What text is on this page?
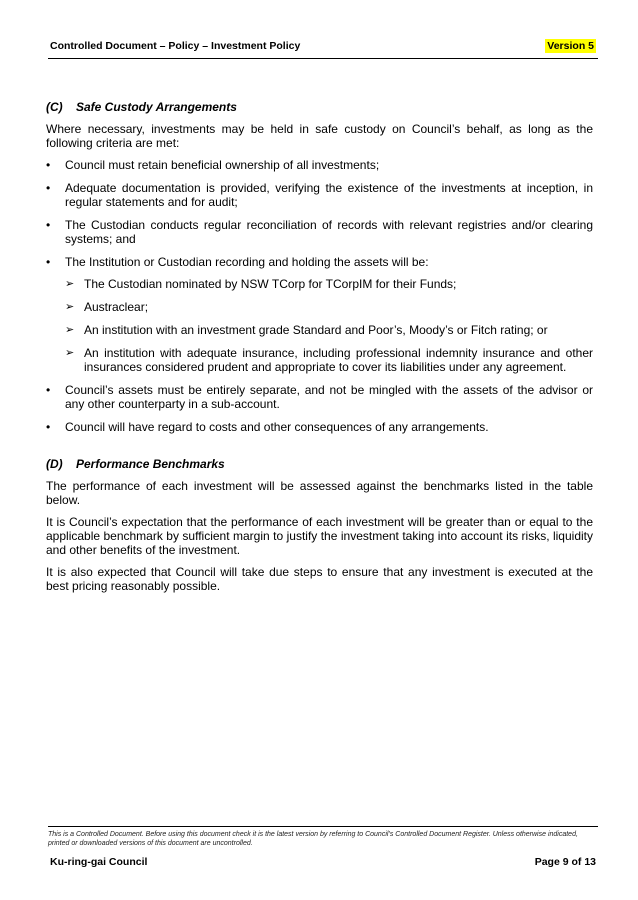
Controlled Document – Policy – Investment Policy	Version 5
(C) Safe Custody Arrangements

Where necessary, investments may be held in safe custody on Council’s behalf, as long as the following criteria are met:

• Council must retain beneficial ownership of all investments;
• Adequate documentation is provided, verifying the existence of the investments at inception, in regular statements and for audit;
• The Custodian conducts regular reconciliation of records with relevant registries and/or clearing systems; and
• The Institution or Custodian recording and holding the assets will be:
➢ The Custodian nominated by NSW TCorp for TCorpIM for their Funds;
➢ Austraclear;
➢ An institution with an investment grade Standard and Poor’s, Moody’s or Fitch rating; or
➢ An institution with adequate insurance, including professional indemnity insurance and other insurances considered prudent and appropriate to cover its liabilities under any agreement.
• Council’s assets must be entirely separate, and not be mingled with the assets of the advisor or any other counterparty in a sub-account.
• Council will have regard to costs and other consequences of any arrangements.
(D) Performance Benchmarks

The performance of each investment will be assessed against the benchmarks listed in the table below.

It is Council’s expectation that the performance of each investment will be greater than or equal to the applicable benchmark by sufficient margin to justify the investment taking into account its risks, liquidity and other benefits of the investment.

It is also expected that Council will take due steps to ensure that any investment is executed at the best pricing reasonably possible.

This is a Controlled Document. Before using this document check it is the latest version by referring to Council’s Controlled Document Register. Unless otherwise indicated, printed or downloaded versions of this document are uncontrolled.
Ku-ring-gai Council	Page 9 of 13
